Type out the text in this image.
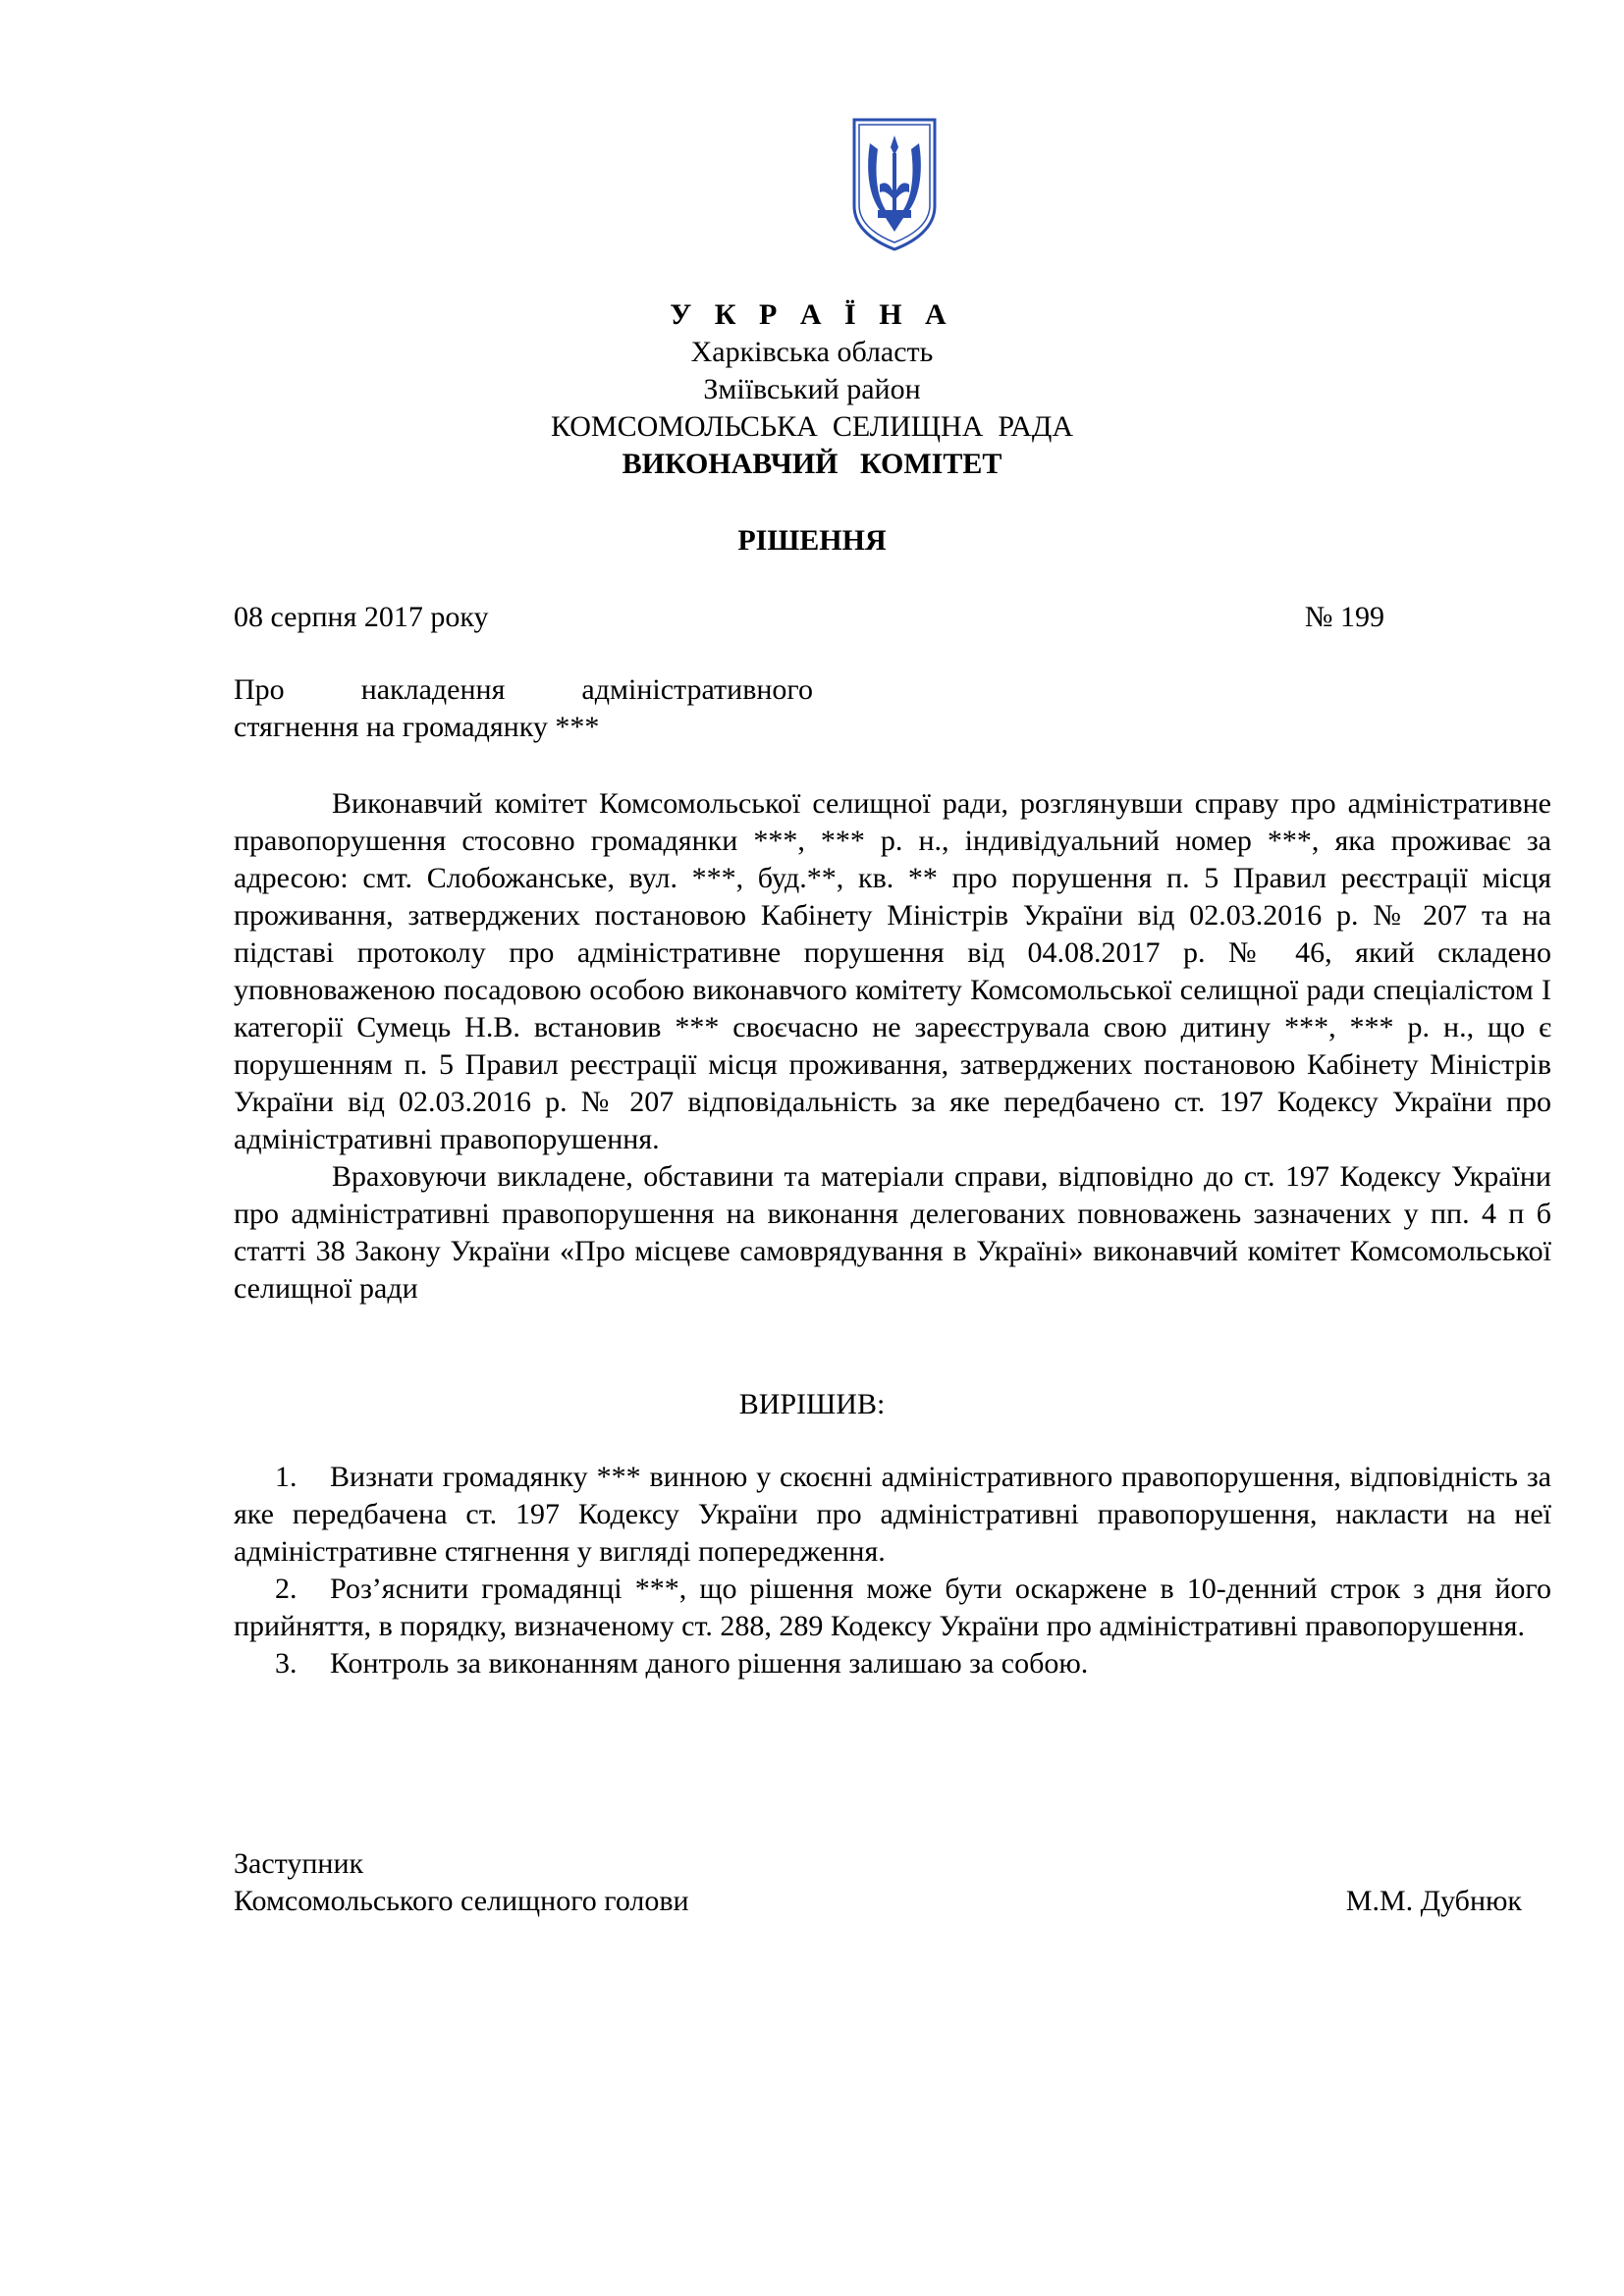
У К Р А Ї Н А
Харківська область
Зміївський район
КОМСОМОЛЬСЬКА  СЕЛИЩНА  РАДА
ВИКОНАВЧИЙ   КОМІТЕТ
РІШЕННЯ
08 серпня 2017 року	№ 199
Про накладення адміністративного
стягнення на громадянку ***

Виконавчий комітет Комсомольської селищної ради, розглянувши справу про адміністративне правопорушення стосовно громадянки ***, *** р. н., індивідуальний номер ***, яка проживає за адресою: смт. Слобожанське, вул. ***, буд.**, кв. ** про порушення п. 5 Правил реєстрації місця проживання, затверджених постановою Кабінету Міністрів України від 02.03.2016 р. № 207 та на підставі протоколу про адміністративне порушення від 04.08.2017 р. № 46, який складено уповноваженою посадовою особою виконавчого комітету Комсомольської селищної ради спеціалістом І категорії Сумець Н.В. встановив *** своєчасно не зареєструвала свою дитину ***, *** р. н., що є порушенням п. 5 Правил реєстрації місця проживання, затверджених постановою Кабінету Міністрів України від 02.03.2016 р. № 207 відповідальність за яке передбачено ст. 197 Кодексу України про адміністративні правопорушення.

Враховуючи викладене, обставини та матеріали справи, відповідно до ст. 197 Кодексу України про адміністративні правопорушення на виконання делегованих повноважень зазначених у пп. 4 п б статті 38 Закону України «Про місцеве самоврядування в Україні» виконавчий комітет Комсомольської селищної ради

ВИРІШИВ:
1. Визнати громадянку *** винною у скоєнні адміністративного правопорушення, відповідність за яке передбачена ст. 197 Кодексу України про адміністративні правопорушення, накласти на неї адміністративне стягнення у вигляді попередження.
2. Роз’яснити громадянці ***, що рішення може бути оскаржене в 10-денний строк з дня його прийняття, в порядку, визначеному ст. 288, 289 Кодексу України про адміністративні правопорушення.
3. Контроль за виконанням даного рішення залишаю за собою.
Заступник
Комсомольського селищного голови	М.М. Дубнюк
